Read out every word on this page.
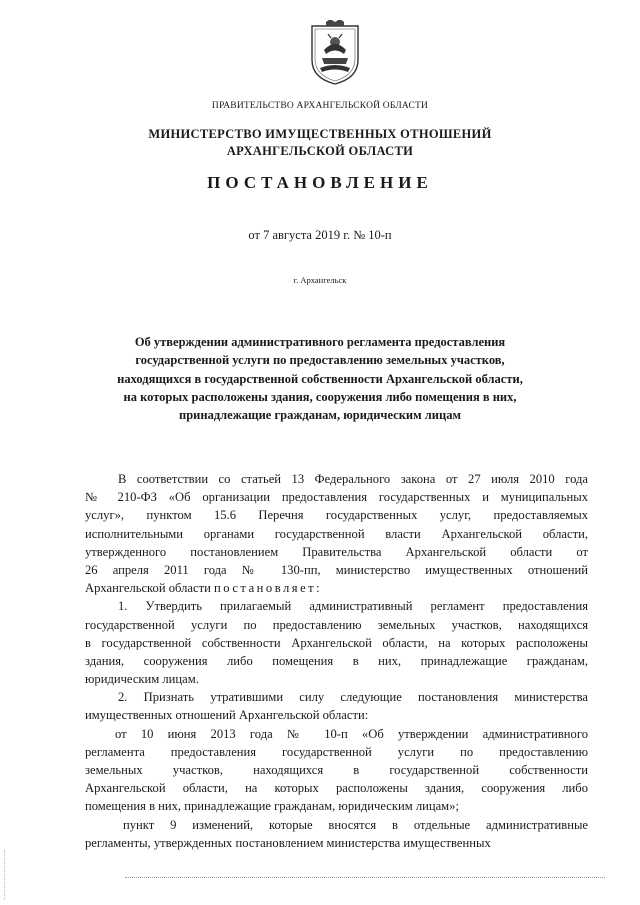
ПРАВИТЕЛЬСТВО АРХАНГЕЛЬСКОЙ ОБЛАСТИ
МИНИСТЕРСТВО ИМУЩЕСТВЕННЫХ ОТНОШЕНИЙ
АРХАНГЕЛЬСКОЙ ОБЛАСТИ
ПОСТАНОВЛЕНИЕ
от 7 августа 2019 г. № 10-п
г. Архангельск
Об утверждении административного регламента предоставления
государственной услуги по предоставлению земельных участков,
находящихся в государственной собственности Архангельской области,
на которых расположены здания, сооружения либо помещения в них,
принадлежащие гражданам, юридическим лицам
В соответствии со статьей 13 Федерального закона от 27 июля 2010 года
№ 210-ФЗ «Об организации предоставления государственных и муниципальных
услуг», пунктом 15.6 Перечня государственных услуг, предоставляемых
исполнительными органами государственной власти Архангельской области,
утвержденного постановлением Правительства Архангельской области от
26 апреля 2011 года № 130-пп, министерство имущественных отношений
Архангельской области постановляет:
1. Утвердить прилагаемый административный регламент предоставления
государственной услуги по предоставлению земельных участков, находящихся
в государственной собственности Архангельской области, на которых расположены
здания, сооружения либо помещения в них, принадлежащие гражданам,
юридическим лицам.
2. Признать утратившими силу следующие постановления министерства
имущественных отношений Архангельской области:
от 10 июня 2013 года № 10-п «Об утверждении административного
регламента предоставления государственной услуги по предоставлению
земельных участков, находящихся в государственной собственности
Архангельской области, на которых расположены здания, сооружения либо
помещения в них, принадлежащие гражданам, юридическим лицам»;
пункт 9 изменений, которые вносятся в отдельные административные
регламенты, утвержденных постановлением министерства имущественных
